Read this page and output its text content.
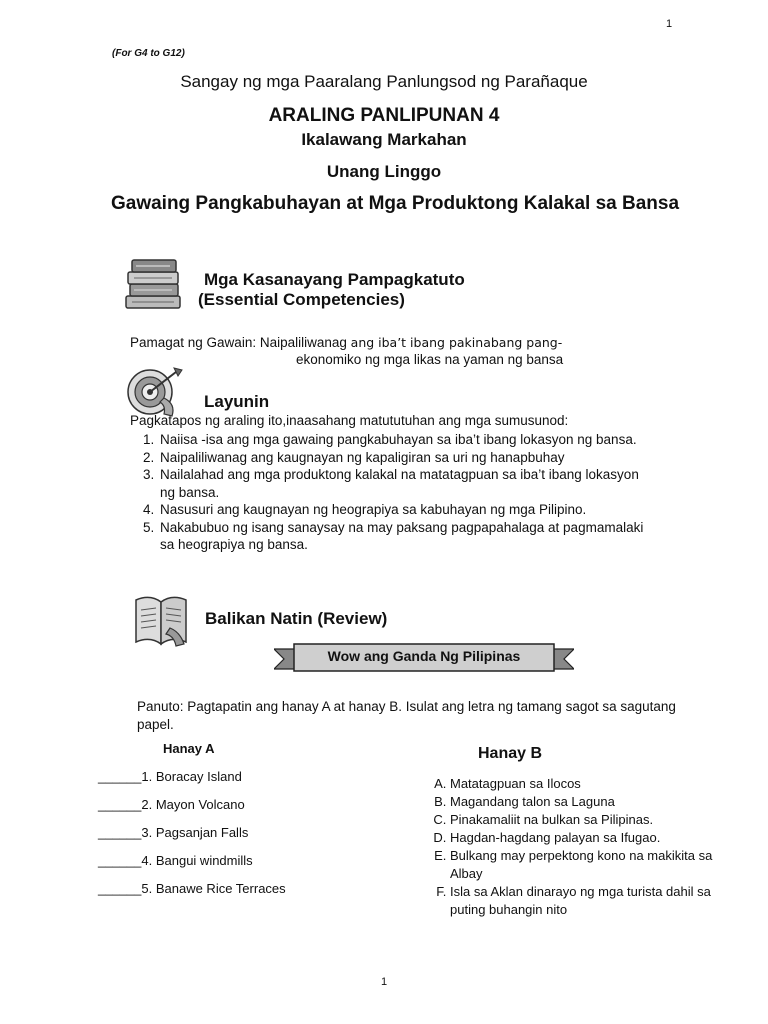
1
(For G4 to G12)
Sangay ng mga Paaralang Panlungsod ng Parañaque
ARALING PANLIPUNAN 4
Ikalawang Markahan
Unang Linggo
Gawaing Pangkabuhayan at Mga Produktong Kalakal sa Bansa
Mga Kasanayang Pampagkatuto
(Essential Competencies)
Pamagat ng Gawain: Naipaliliwanag ang iba’t ibang pakinabang pang-
ekonomiko ng mga likas na yaman ng bansa
Layunin
Pagkatapos ng araling ito,inaasahang matututuhan ang mga sumusunod:
1. Naiisa -isa ang mga gawaing pangkabuhayan sa iba’t ibang lokasyon ng bansa.
2. Naipaliliwanag ang kaugnayan ng kapaligiran sa uri ng hanapbuhay
3. Nailalahad ang mga produktong kalakal na matatagpuan sa iba’t ibang lokasyon ng bansa.
4. Nasusuri ang kaugnayan ng heograpiya sa kabuhayan ng mga Pilipino.
5. Nakabubuo ng isang sanaysay na may paksang pagpapahalaga at pagmamalaki sa heograpiya ng bansa.
Balikan Natin (Review)
Wow ang Ganda Ng Pilipinas
Panuto: Pagtapatin ang hanay A at hanay B. Isulat ang letra ng tamang sagot sa sagutang papel.
Hanay A
______1. Boracay Island
______2. Mayon Volcano
______3. Pagsanjan Falls
______4. Bangui windmills
______5. Banawe Rice Terraces
Hanay B
A. Matatagpuan sa Ilocos
B. Magandang talon sa Laguna
C. Pinakamaliit na bulkan sa Pilipinas.
D. Hagdan-hagdang palayan sa Ifugao.
E. Bulkang may perpektong kono na makikita sa Albay
F. Isla sa Aklan dinarayo ng mga turista dahil sa puting buhangin nito
1
